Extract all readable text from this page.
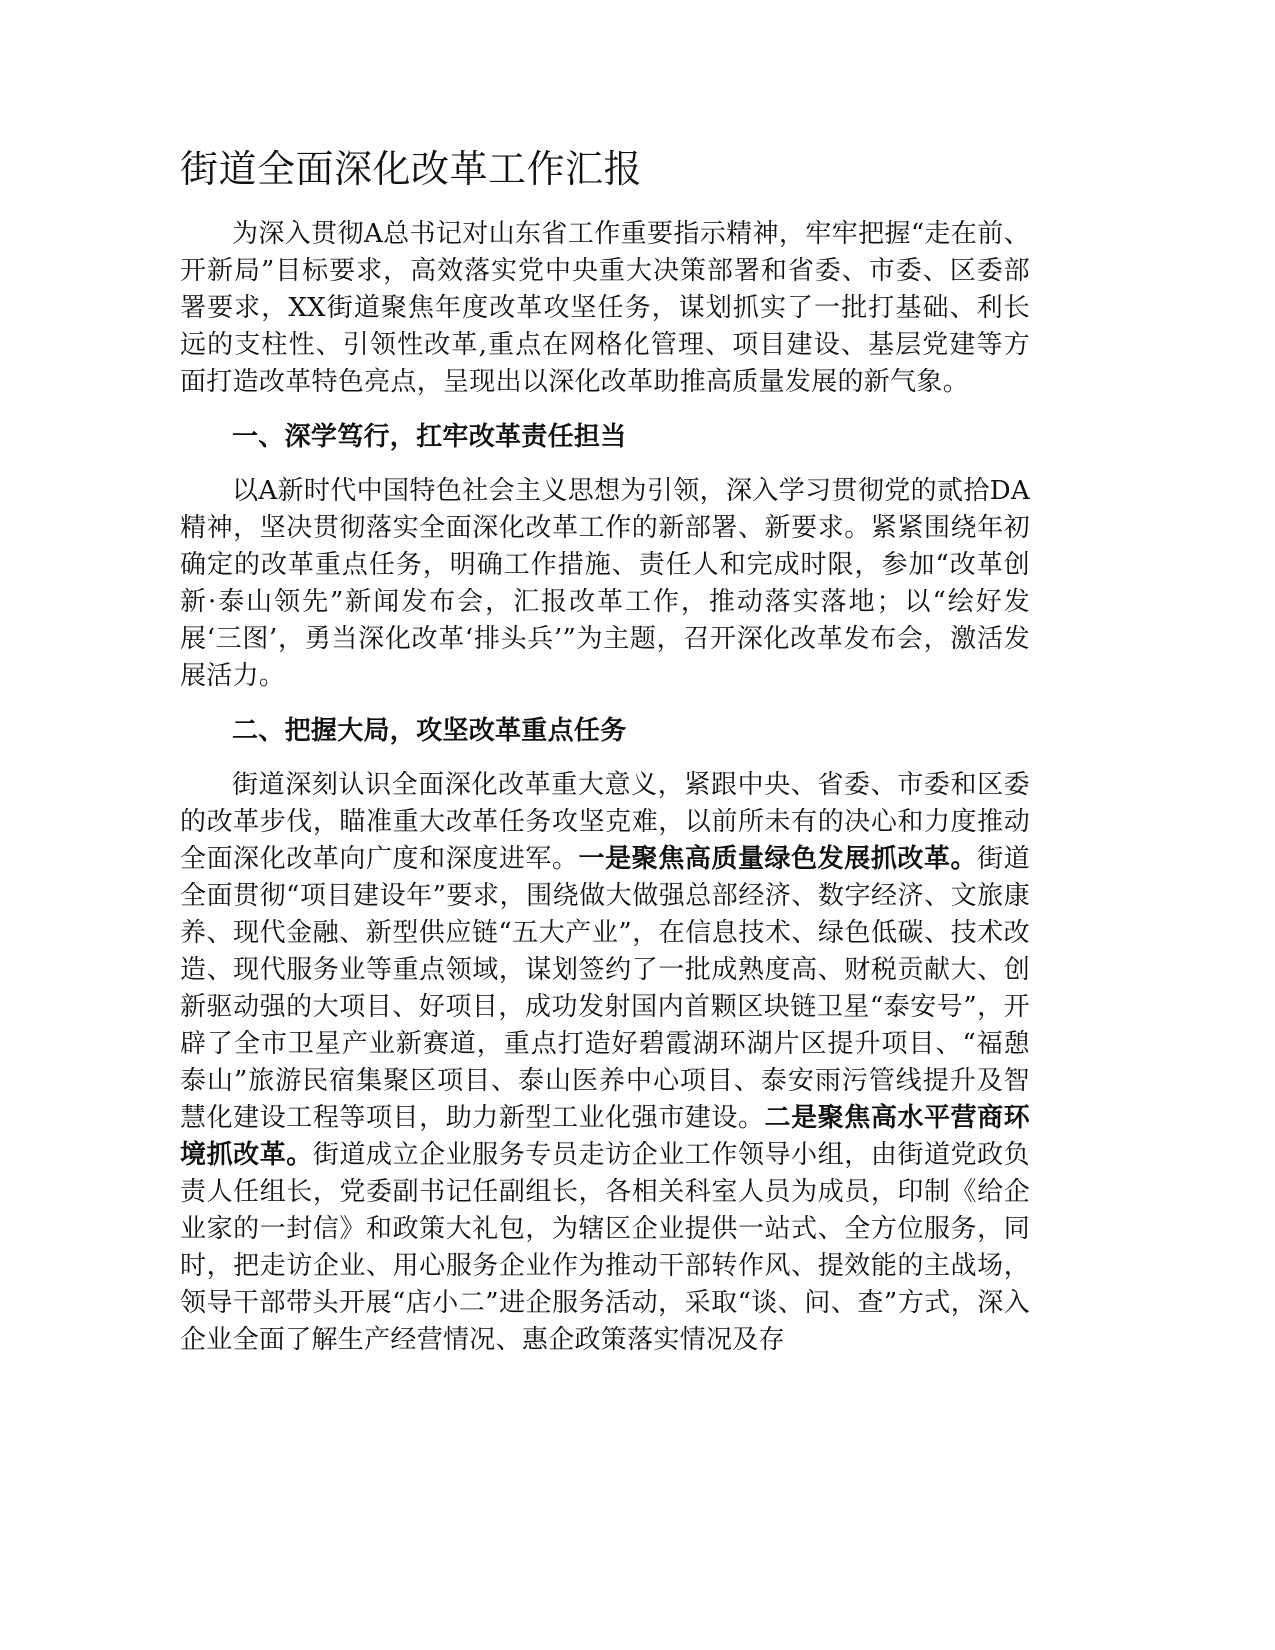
街道全面深化改革工作汇报

为深入贯彻A总书记对山东省工作重要指示精神，牢牢把握“走在前、开新局”目标要求，高效落实党中央重大决策部署和省委、市委、区委部署要求，XX街道聚焦年度改革攻坚任务，谋划抓实了一批打基础、利长远的支柱性、引领性改革,重点在网格化管理、项目建设、基层党建等方面打造改革特色亮点，呈现出以深化改革助推高质量发展的新气象。

一、深学笃行，扛牢改革责任担当

以A新时代中国特色社会主义思想为引领，深入学习贯彻党的贰拾DA精神，坚决贯彻落实全面深化改革工作的新部署、新要求。紧紧围绕年初确定的改革重点任务，明确工作措施、责任人和完成时限，参加“改革创新·泰山领先”新闻发布会，汇报改革工作，推动落实落地；以“绘好发展‘三图’，勇当深化改革‘排头兵’”为主题，召开深化改革发布会，激活发展活力。

二、把握大局，攻坚改革重点任务

街道深刻认识全面深化改革重大意义，紧跟中央、省委、市委和区委的改革步伐，瞄准重大改革任务攻坚克难，以前所未有的决心和力度推动全面深化改革向广度和深度进军。一是聚焦高质量绿色发展抓改革。街道全面贯彻“项目建设年”要求，围绕做大做强总部经济、数字经济、文旅康养、现代金融、新型供应链“五大产业”，在信息技术、绿色低碳、技术改造、现代服务业等重点领域，谋划签约了一批成熟度高、财税贡献大、创新驱动强的大项目、好项目，成功发射国内首颗区块链卫星“泰安号”，开辟了全市卫星产业新赛道，重点打造好碧霞湖环湖片区提升项目、“福憩泰山”旅游民宿集聚区项目、泰山医养中心项目、泰安雨污管线提升及智慧化建设工程等项目，助力新型工业化强市建设。二是聚焦高水平营商环境抓改革。街道成立企业服务专员走访企业工作领导小组，由街道党政负责人任组长，党委副书记任副组长，各相关科室人员为成员，印制《给企业家的一封信》和政策大礼包，为辖区企业提供一站式、全方位服务，同时，把走访企业、用心服务企业作为推动干部转作风、提效能的主战场，领导干部带头开展“店小二”进企服务活动，采取“谈、问、查”方式，深入企业全面了解生产经营情况、惠企政策落实情况及存
